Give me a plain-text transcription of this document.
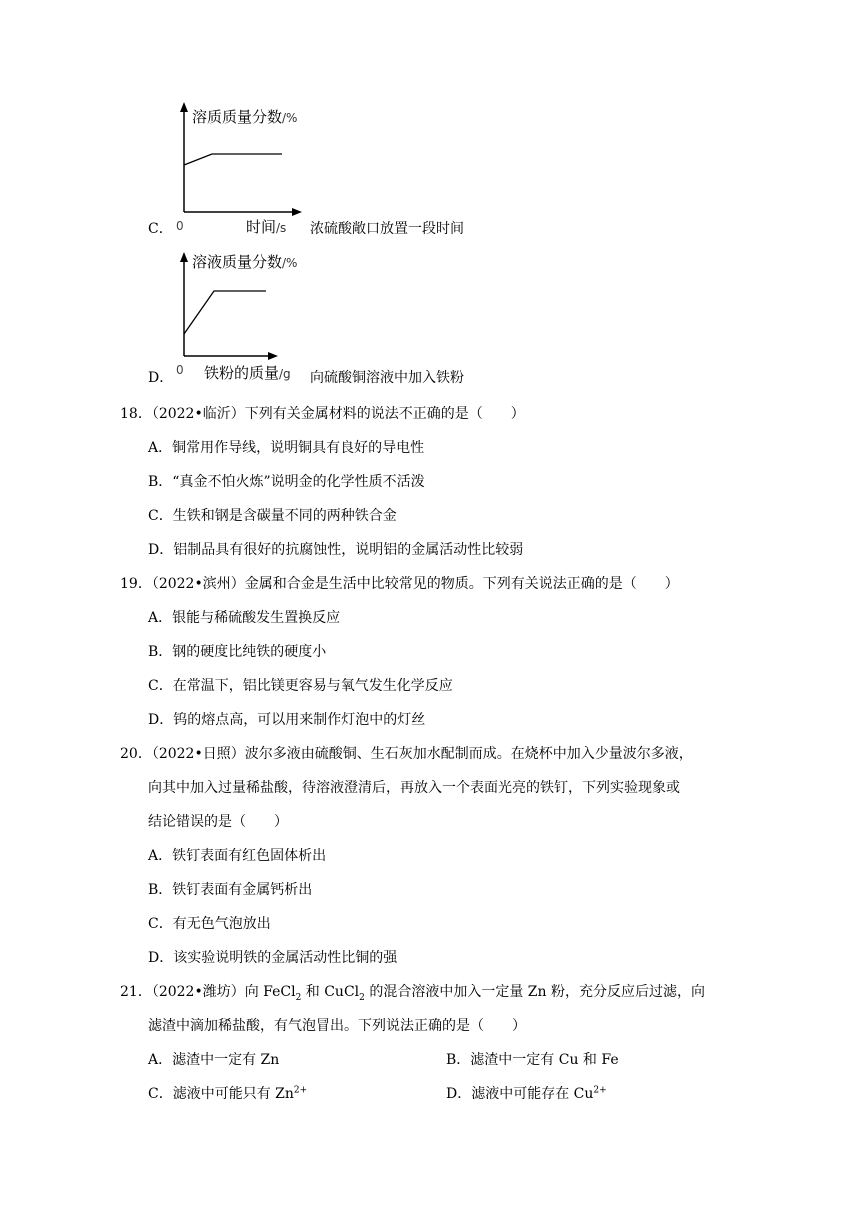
溶质质量分数/%
0	时间/s
C．	浓硫酸敞口放置一段时间
溶液质量分数/%
0 铁粉的质量/g
D．	向硫酸铜溶液中加入铁粉
18．（2022•临沂）下列有关金属材料的说法不正确的是（　　）
A．铜常用作导线，说明铜具有良好的导电性
B．“真金不怕火炼”说明金的化学性质不活泼
C．生铁和钢是含碳量不同的两种铁合金
D．铝制品具有很好的抗腐蚀性，说明铝的金属活动性比较弱
19．（2022•滨州）金属和合金是生活中比较常见的物质。下列有关说法正确的是（　　）
A．银能与稀硫酸发生置换反应
B．钢的硬度比纯铁的硬度小
C．在常温下，铝比镁更容易与氧气发生化学反应
D．钨的熔点高，可以用来制作灯泡中的灯丝
20．（2022•日照）波尔多液由硫酸铜、生石灰加水配制而成。在烧杯中加入少量波尔多液，
向其中加入过量稀盐酸，待溶液澄清后，再放入一个表面光亮的铁钉，下列实验现象或
结论错误的是（　　）
A．铁钉表面有红色固体析出
B．铁钉表面有金属钙析出
C．有无色气泡放出
D．该实验说明铁的金属活动性比铜的强
21．（2022•潍坊）向 FeCl$_2$ 和 CuCl$_2$ 的混合溶液中加入一定量 Zn 粉，充分反应后过滤，向
滤渣中滴加稀盐酸，有气泡冒出。下列说法正确的是（　　）
A．滤渣中一定有 Zn	B．滤渣中一定有 Cu 和 Fe
C．滤液中可能只有 $Zn^{2+}$	D．滤液中可能存在 $Cu^{2+}$
